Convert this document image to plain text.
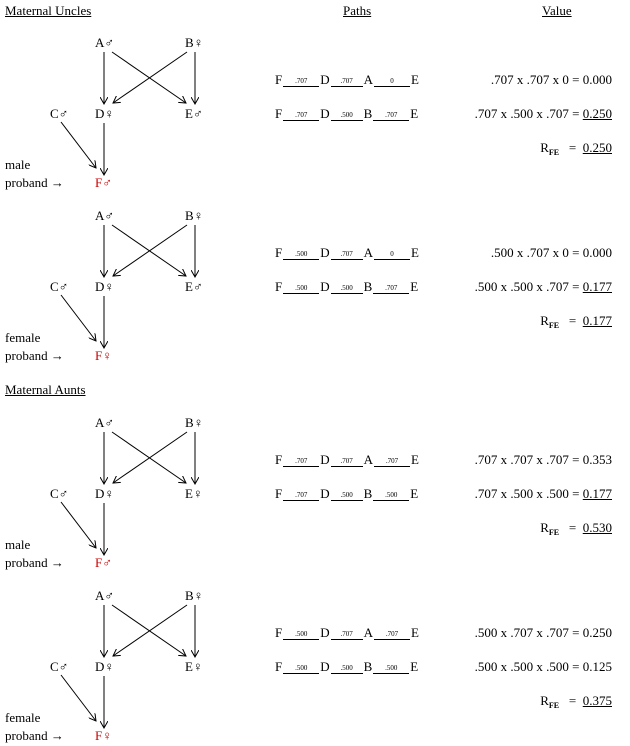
Maternal Uncles	Paths	Value
Maternal Aunts
A♂	B♀
C♂ D♀	E♂
F♂
male
proband →
F .707 D .707 A 0 E	.707 x .707 x 0 = 0.000
F .707 D .500 B .707 E	.707 x .500 x .707 = 0.250
$R_{FE} = 0.250$
A♂	B♀
C♂ D♀	E♂
F♀
female
proband →
F .500 D .707 A 0 E	.500 x .707 x 0 = 0.000
F .500 D .500 B .707 E	.500 x .500 x .707 = 0.177
$R_{FE} = 0.177$
A♂	B♀
C♂ D♀	E♀
F♂
male
proband →
F .707 D .707 A .707 E	.707 x .707 x .707 = 0.353
F .707 D .500 B .500 E	.707 x .500 x .500 = 0.177
$R_{FE} = 0.530$
A♂	B♀
C♂ D♀	E♀
F♀
female
proband →
F .500 D .707 A .707 E	.500 x .707 x .707 = 0.250
F .500 D .500 B .500 E	.500 x .500 x .500 = 0.125
$R_{FE} = 0.375$
